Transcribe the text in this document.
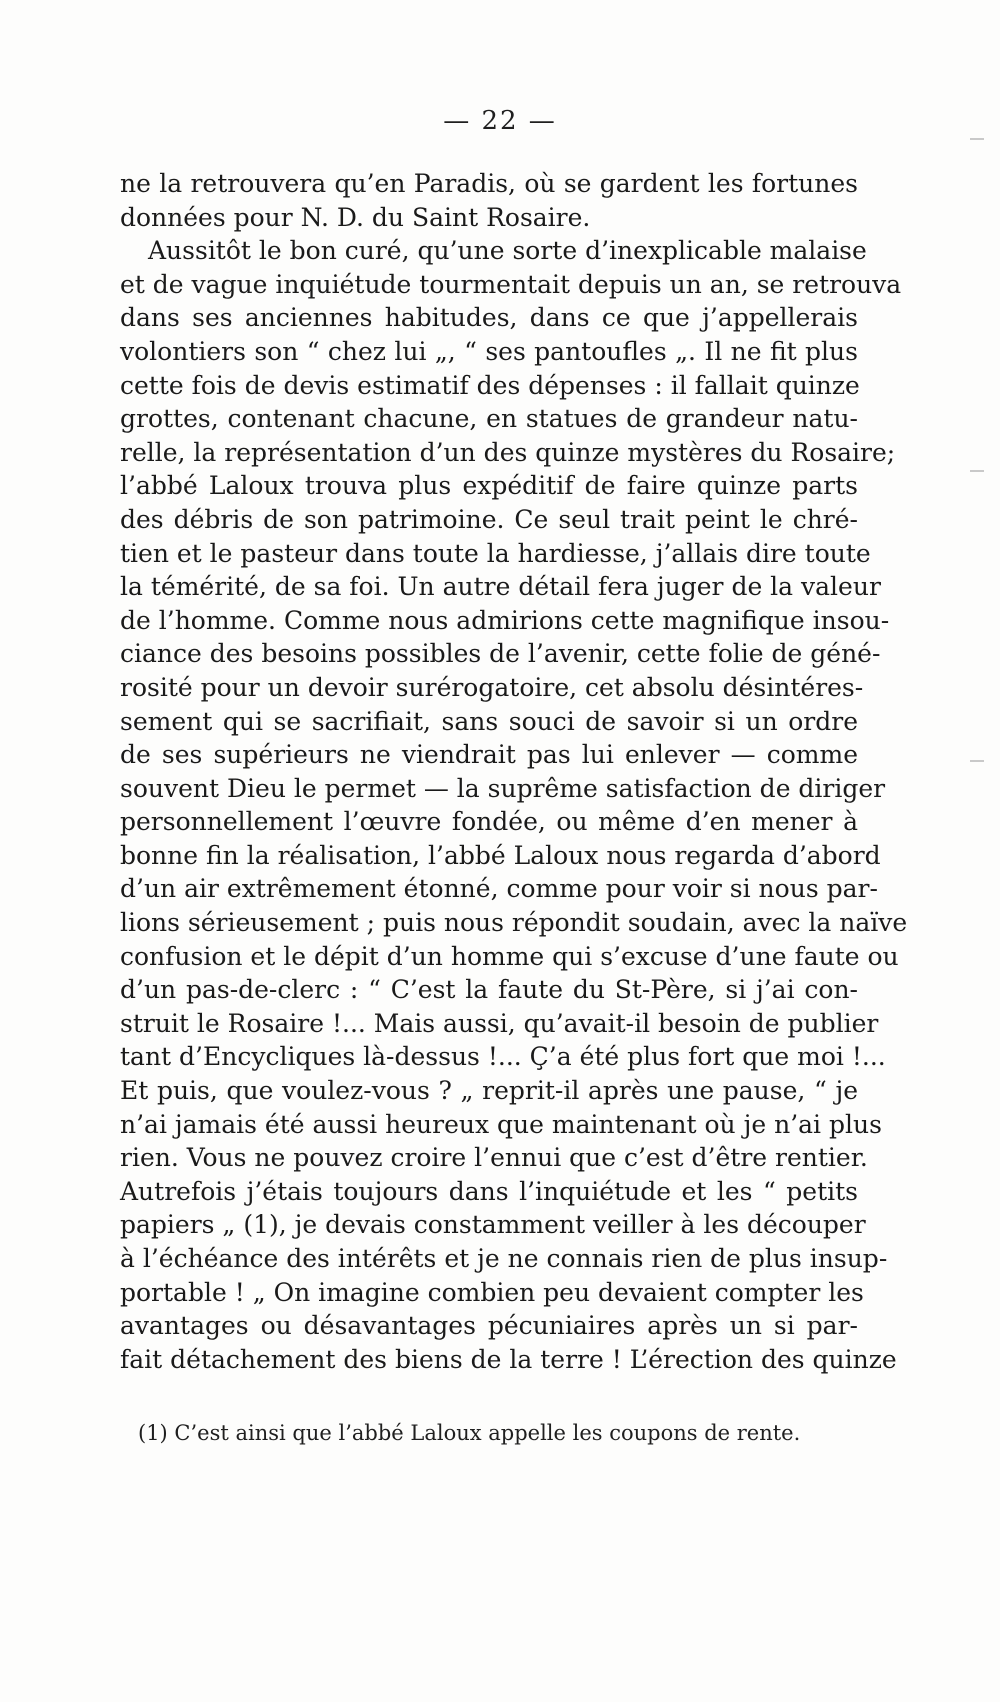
— 22 —
ne la retrouvera qu’en Paradis, où se gardent les fortunes
données pour N. D. du Saint Rosaire.
Aussitôt le bon curé, qu’une sorte d’inexplicable malaise
et de vague inquiétude tourmentait depuis un an, se retrouva
dans ses anciennes habitudes, dans ce que j’appellerais
volontiers son “ chez lui „, “ ses pantoufles „. Il ne fit plus
cette fois de devis estimatif des dépenses : il fallait quinze
grottes, contenant chacune, en statues de grandeur natu-
relle, la représentation d’un des quinze mystères du Rosaire;
l’abbé Laloux trouva plus expéditif de faire quinze parts
des débris de son patrimoine. Ce seul trait peint le chré-
tien et le pasteur dans toute la hardiesse, j’allais dire toute
la témérité, de sa foi. Un autre détail fera juger de la valeur
de l’homme. Comme nous admirions cette magnifique insou-
ciance des besoins possibles de l’avenir, cette folie de géné-
rosité pour un devoir surérogatoire, cet absolu désintéres-
sement qui se sacrifiait, sans souci de savoir si un ordre
de ses supérieurs ne viendrait pas lui enlever — comme
souvent Dieu le permet — la suprême satisfaction de diriger
personnellement l’œuvre fondée, ou même d’en mener à
bonne fin la réalisation, l’abbé Laloux nous regarda d’abord
d’un air extrêmement étonné, comme pour voir si nous par-
lions sérieusement ; puis nous répondit soudain, avec la naïve
confusion et le dépit d’un homme qui s’excuse d’une faute ou
d’un pas-de-clerc : “ C’est la faute du St-Père, si j’ai con-
struit le Rosaire !... Mais aussi, qu’avait-il besoin de publier
tant d’Encycliques là-dessus !... Ç’a été plus fort que moi !...
Et puis, que voulez-vous ? „ reprit-il après une pause, “ je
n’ai jamais été aussi heureux que maintenant où je n’ai plus
rien. Vous ne pouvez croire l’ennui que c’est d’être rentier.
Autrefois j’étais toujours dans l’inquiétude et les “ petits
papiers „ (1), je devais constamment veiller à les découper
à l’échéance des intérêts et je ne connais rien de plus insup-
portable ! „ On imagine combien peu devaient compter les
avantages ou désavantages pécuniaires après un si par-
fait détachement des biens de la terre ! L’érection des quinze
(1) C’est ainsi que l’abbé Laloux appelle les coupons de rente.
